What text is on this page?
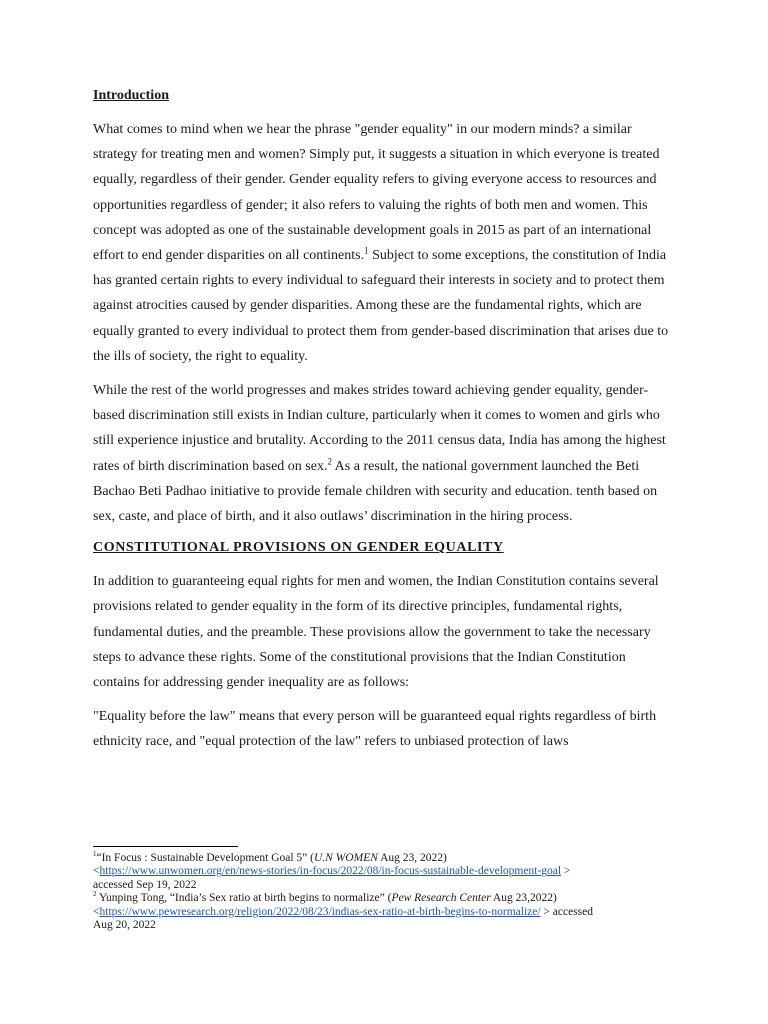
Introduction

What comes to mind when we hear the phrase "gender equality" in our modern minds? a similar strategy for treating men and women? Simply put, it suggests a situation in which everyone is treated equally, regardless of their gender. Gender equality refers to giving everyone access to resources and opportunities regardless of gender; it also refers to valuing the rights of both men and women. This concept was adopted as one of the sustainable development goals in 2015 as part of an international effort to end gender disparities on all continents.$^1$ Subject to some exceptions, the constitution of India has granted certain rights to every individual to safeguard their interests in society and to protect them against atrocities caused by gender disparities. Among these are the fundamental rights, which are equally granted to every individual to protect them from gender-based discrimination that arises due to the ills of society, the right to equality.

While the rest of the world progresses and makes strides toward achieving gender equality, gender-based discrimination still exists in Indian culture, particularly when it comes to women and girls who still experience injustice and brutality. According to the 2011 census data, India has among the highest rates of birth discrimination based on sex.$^2$ As a result, the national government launched the Beti Bachao Beti Padhao initiative to provide female children with security and education. tenth based on sex, caste, and place of birth, and it also outlaws’ discrimination in the hiring process.

CONSTITUTIONAL PROVISIONS ON GENDER EQUALITY

In addition to guaranteeing equal rights for men and women, the Indian Constitution contains several provisions related to gender equality in the form of its directive principles, fundamental rights, fundamental duties, and the preamble. These provisions allow the government to take the necessary steps to advance these rights. Some of the constitutional provisions that the Indian Constitution contains for addressing gender inequality are as follows:

"Equality before the law" means that every person will be guaranteed equal rights regardless of birth ethnicity race, and "equal protection of the law" refers to unbiased protection of laws

$^1$“In Focus : Sustainable Development Goal 5” (U.N WOMEN Aug 23, 2022)
<https://www.unwomen.org/en/news-stories/in-focus/2022/08/in-focus-sustainable-development-goal >
accessed Sep 19, 2022

$^2$ Yunping Tong, “India’s Sex ratio at birth begins to normalize” (Pew Research Center Aug 23,2022)
<https://www.pewresearch.org/religion/2022/08/23/indias-sex-ratio-at-birth-begins-to-normalize/ > accessed
Aug 20, 2022
